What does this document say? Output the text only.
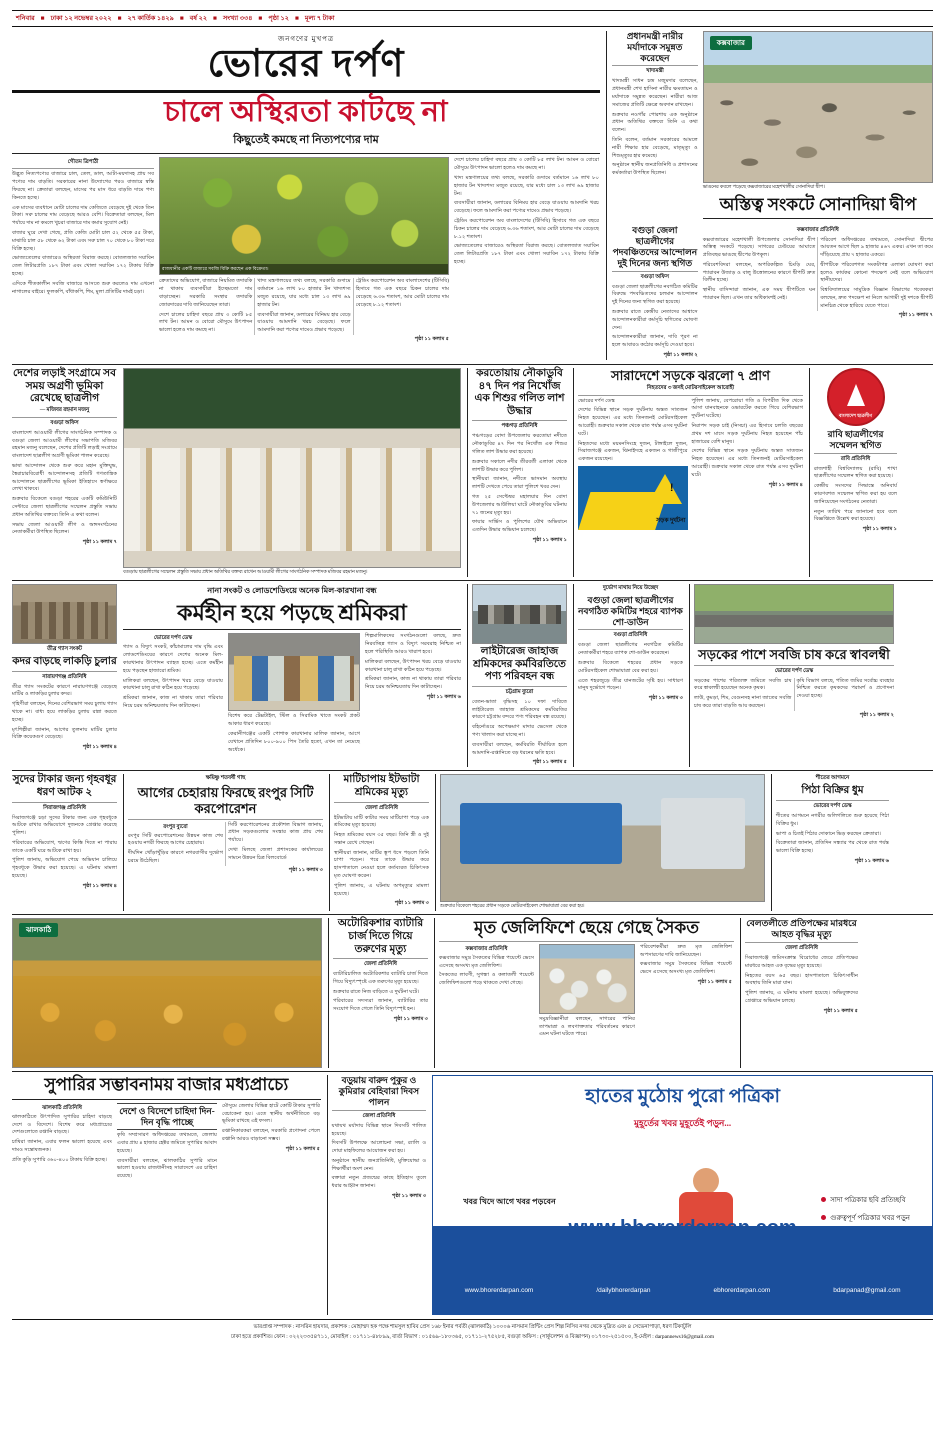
শনিবার ■ ঢাকা ১২ নভেম্বর ২০২২ ■ ২৭ কার্তিক ১৪২৯ ■ বর্ষ ২২ ■ সংখ্যা ৩৩৪ ■ পৃষ্ঠা ১২ ■ মূল্য ৭ টাকা
জনগণের মুখপত্র
ভোরের দর্পণ
চালে অস্থিরতা কাটছে না
কিছুতেই কমছে না নিত্যপণ্যের দাম
গৌতম ত্রিপাঠী

উদ্ভূত নিত্যপণ্যের বাজারে চাল, তেল, ডাল, আটা-ময়দাসহ প্রায় সব পণ্যের দাম বাড়তি। সরকারের নানা উদ্যোগের পরও বাজারে স্বস্তি ফিরছে না। ক্রেতারা বলছেন, মাসের পর মাস ধরে বাড়তি দামে পণ্য কিনতে হচ্ছে।

এক মাসের ব্যবধানে মোটা চালের দাম কেজিতে বেড়েছে দুই থেকে তিন টাকা। সরু চালের দাম বেড়েছে আরও বেশি। বিক্রেতারা বলছেন, মিল পর্যায়ে দাম না কমলে খুচরা বাজারে দাম কমার সুযোগ নেই।

বাজার ঘুরে দেখা গেছে, প্রতি কেজি মোটা চাল ৫২ থেকে ৫৫ টাকা, মাঝারি চাল ৫৮ থেকে ৬২ টাকা এবং সরু চাল ৭০ থেকে ৮০ টাকা দরে বিক্রি হচ্ছে।

ভোজ্যতেলের বাজারেও অস্থিরতা বিরাজ করছে। বোতলজাত সয়াবিন তেল লিটারপ্রতি ১৮৭ টাকা এবং খোলা সয়াবিন ১৭২ টাকায় বিক্রি হচ্ছে।

এদিকে শীতকালীন সবজি বাজারে আসতে শুরু করলেও দাম এখনো নাগালের বাইরে। ফুলকপি, বাঁধাকপি, শিম, মুলা প্রতিটির দামই চড়া।

রাজধানীর একটি বাজারে সবজি বিক্রি করছেন এক বিক্রেতা।

ক্রেতাদের অভিযোগ, বাজারে নিয়মিত তদারকি না থাকায় ব্যবসায়ীরা ইচ্ছেমতো দাম বাড়াচ্ছেন। সরকারি সংস্থার তদারকি জোরদারের দাবি জানিয়েছেন তারা।

দেশে চালের চাহিদা বছরে প্রায় ৩ কোটি ৮৫ লাখ টন। আমন ও বোরো মৌসুমে উৎপাদন ভালো হলেও দাম কমছে না।

খাদ্য মন্ত্রণালয়ের তথ্য বলছে, সরকারি গুদামে বর্তমানে ১৬ লাখ ৮০ হাজার টন খাদ্যশস্য মজুত রয়েছে, যার মধ্যে চাল ১৩ লাখ ৬৯ হাজার টন।

ব্যবসায়ীরা জানান, ডলারের বিনিময় হার বেড়ে যাওয়ায় আমদানি খরচ বেড়েছে। ফলে আমদানি করা পণ্যের দামেও প্রভাব পড়েছে।

ট্রেডিং করপোরেশন অব বাংলাদেশের (টিসিবি) হিসাবে গত এক বছরে চিকন চালের দাম বেড়েছে ৬.৩৬ শতাংশ, আর মোটা চালের দাম বেড়েছে ৮.১২ শতাংশ।

পৃষ্ঠা ১১ কলাম ৫

দেশে চালের চাহিদা বছরে প্রায় ৩ কোটি ৮৫ লাখ টন। আমন ও বোরো মৌসুমে উৎপাদন ভালো হলেও দাম কমছে না।

খাদ্য মন্ত্রণালয়ের তথ্য বলছে, সরকারি গুদামে বর্তমানে ১৬ লাখ ৮০ হাজার টন খাদ্যশস্য মজুত রয়েছে, যার মধ্যে চাল ১৩ লাখ ৬৯ হাজার টন।

ব্যবসায়ীরা জানান, ডলারের বিনিময় হার বেড়ে যাওয়ায় আমদানি খরচ বেড়েছে। ফলে আমদানি করা পণ্যের দামেও প্রভাব পড়েছে।

ট্রেডিং করপোরেশন অব বাংলাদেশের (টিসিবি) হিসাবে গত এক বছরে চিকন চালের দাম বেড়েছে ৬.৩৬ শতাংশ, আর মোটা চালের দাম বেড়েছে ৮.১২ শতাংশ।

ভোজ্যতেলের বাজারেও অস্থিরতা বিরাজ করছে। বোতলজাত সয়াবিন তেল লিটারপ্রতি ১৮৭ টাকা এবং খোলা সয়াবিন ১৭২ টাকায় বিক্রি হচ্ছে।

প্রধানমন্ত্রী নারীর মর্যাদাকে সমুন্নত করেছেন
খাদ্যমন্ত্রী

খাদ্যমন্ত্রী সাধন চন্দ্র মজুমদার বলেছেন, প্রধানমন্ত্রী শেখ হাসিনা নারীর ক্ষমতায়ন ও মর্যাদাকে সমুন্নত করেছেন। নারীরা আজ সমাজের প্রতিটি ক্ষেত্রে অবদান রাখছেন।

শুক্রবার নওগাঁর পোরশায় এক অনুষ্ঠানে প্রধান অতিথির বক্তব্যে তিনি এ কথা বলেন।

তিনি বলেন, বর্তমান সরকারের আমলে নারী শিক্ষার হার বেড়েছে, মাতৃমৃত্যু ও শিশুমৃত্যুর হার কমেছে।

অনুষ্ঠানে স্থানীয় জনপ্রতিনিধি ও প্রশাসনের কর্মকর্তারা উপস্থিত ছিলেন।

কক্সবাজার
ভাঙনের কবলে পড়েছে কক্সবাজারের মহেশখালীর সোনাদিয়া দ্বীপ।
অস্তিত্ব সংকটে সোনাদিয়া দ্বীপ
বগুড়া জেলা ছাত্রলীগের পদবঞ্চিতদের আন্দোলন দুই দিনের জন্য স্থগিত
বগুড়া অফিস

বগুড়া জেলা ছাত্রলীগের নবগঠিত কমিটির বিরুদ্ধে পদবঞ্চিতদের চলমান আন্দোলন দুই দিনের জন্য স্থগিত করা হয়েছে।

শুক্রবার রাতে কেন্দ্রীয় নেতাদের আশ্বাসে আন্দোলনকারীরা কর্মসূচি স্থগিতের ঘোষণা দেন।

আন্দোলনকারীরা জানান, দাবি পূরণ না হলে আবারও কঠোর কর্মসূচি দেওয়া হবে।

পৃষ্ঠা ১১ কলাম ২
কক্সবাজার প্রতিনিধি

কক্সবাজারের মহেশখালী উপজেলার সোনাদিয়া দ্বীপ অস্তিত্ব সংকটে পড়েছে। সাগরের ঢেউয়ের আঘাতে প্রতিবছর ভাঙছে দ্বীপের উপকূল।

পরিবেশবিদরা বলছেন, অপরিকল্পিত চিংড়ি ঘের, প্যারাবন উজাড় ও বালু উত্তোলনের কারণে দ্বীপটি দ্রুত বিলীন হচ্ছে।

স্থানীয় বাসিন্দারা জানান, এক সময় দ্বীপটিতে ঘন প্যারাবন ছিল। এখন তার অধিকাংশই নেই।

পরিবেশ অধিদপ্তরের তথ্যমতে, সোনাদিয়া দ্বীপের আয়তন আগে ছিল ৯ হাজার ৪৬৭ একর। এখন তা কমে দাঁড়িয়েছে প্রায় ৭ হাজার একরে।

দ্বীপটিকে পরিবেশগত সংকটাপন্ন এলাকা ঘোষণা করা হলেও কার্যকর কোনো পদক্ষেপ নেই বলে অভিযোগ স্থানীয়দের।

বিশ্ববিদ্যালয়ের সামুদ্রিক বিজ্ঞান বিভাগের গবেষকরা বলছেন, দ্রুত পদক্ষেপ না নিলে আগামী দুই দশকে দ্বীপটি মানচিত্র থেকে হারিয়ে যেতে পারে।

পৃষ্ঠা ১১ কলাম ৭
দেশের লড়াই সংগ্রামে সব সময় অগ্রণী ভূমিকা রেখেছে ছাত্রলীগ
— মজিবর রহমান মজনু
বগুড়া অফিস

বাংলাদেশ আওয়ামী লীগের সাংগঠনিক সম্পাদক ও বগুড়া জেলা আওয়ামী লীগের সভাপতি মজিবর রহমান মজনু বলেছেন, দেশের প্রতিটি লড়াই সংগ্রামে বাংলাদেশ ছাত্রলীগ অগ্রণী ভূমিকা পালন করেছে।

ভাষা আন্দোলন থেকে শুরু করে মহান মুক্তিযুদ্ধ, স্বৈরাচারবিরোধী আন্দোলনসহ প্রতিটি গণতান্ত্রিক আন্দোলনে ছাত্রলীগের ভূমিকা ইতিহাসে স্বর্ণাক্ষরে লেখা থাকবে।

শুক্রবার বিকেলে বগুড়া শহরের একটি কমিউনিটি সেন্টারে জেলা ছাত্রলীগের সম্মেলন প্রস্তুতি সভায় প্রধান অতিথির বক্তব্যে তিনি এ কথা বলেন।

সভায় জেলা আওয়ামী লীগ ও অঙ্গসংগঠনের নেতাকর্মীরা উপস্থিত ছিলেন।

পৃষ্ঠা ১১ কলাম ৭
বগুড়ায় ছাত্রলীগের সম্মেলন প্রস্তুতি সভায় প্রধান অতিথির বক্তব্য রাখেন আওয়ামী লীগের সাংগঠনিক সম্পাদক মজিবর রহমান মজনু।
করতোয়ায় নৌকাডুবি ৪৭ দিন পর নিখোঁজ এক শিশুর গলিত লাশ উদ্ধার
পঞ্চগড় প্রতিনিধি

পঞ্চগড়ের বোদা উপজেলায় করতোয়া নদীতে নৌকাডুবির ৪৭ দিন পর নিখোঁজ এক শিশুর গলিত লাশ উদ্ধার করা হয়েছে।

শুক্রবার সকালে নদীর তীরবর্তী এলাকা থেকে লাশটি উদ্ধার করে পুলিশ।

স্থানীয়রা জানান, নদীতে ভাসমান অবস্থায় লাশটি দেখতে পেয়ে তারা পুলিশে খবর দেন।

গত ২৫ সেপ্টেম্বর মহালয়ার দিন বোদা উপজেলার আউলিয়া ঘাটে নৌকাডুবির ঘটনায় ৭১ জনের মৃত্যু হয়।

ফায়ার সার্ভিস ও পুলিশের যৌথ অভিযানে এতদিন উদ্ধার অভিযান চলেছে।

পৃষ্ঠা ১১ কলাম ১
সারাদেশে সড়কে ঝরলো ৭ প্রাণ
নিহতদের ৩ জনই মোটরসাইকেল আরোহী

ভোরের দর্পণ ডেস্ক

দেশের বিভিন্ন স্থানে সড়ক দুর্ঘটনায় অন্তত সাতজন নিহত হয়েছেন। এর মধ্যে তিনজনই মোটরসাইকেল আরোহী। শুক্রবার সকাল থেকে রাত পর্যন্ত এসব দুর্ঘটনা ঘটে।

নিহতদের মধ্যে ময়মনসিংহে দুজন, টাঙ্গাইলে দুজন, সিরাজগঞ্জে একজন, ঝিনাইদহে একজন ও গাজীপুরে একজন রয়েছেন।

!
সড়ক দুর্ঘটনা

পুলিশ জানায়, বেপরোয়া গতি ও বিপরীত দিক থেকে আসা যানবাহনকে ওভারটেক করতে গিয়ে বেশিরভাগ দুর্ঘটনা ঘটেছে।

নিরাপদ সড়ক চাই (নিসচা) এর হিসাবে চলতি বছরের প্রথম দশ মাসে সড়ক দুর্ঘটনায় নিহত হয়েছেন পাঁচ হাজারের বেশি মানুষ।

দেশের বিভিন্ন স্থানে সড়ক দুর্ঘটনায় অন্তত সাতজন নিহত হয়েছেন। এর মধ্যে তিনজনই মোটরসাইকেল আরোহী। শুক্রবার সকাল থেকে রাত পর্যন্ত এসব দুর্ঘটনা ঘটে।

পৃষ্ঠা ১১ কলাম ৪
বাংলাদেশ ছাত্রলীগ
রাবি ছাত্রলীগের সম্মেলন স্থগিত
রাবি প্রতিনিধি

রাজশাহী বিশ্ববিদ্যালয় (রাবি) শাখা ছাত্রলীগের সম্মেলন স্থগিত করা হয়েছে।

কেন্দ্রীয় সংসদের সিদ্ধান্তে অনিবার্য কারণবশত সম্মেলন স্থগিত করা হয় বলে জানিয়েছেন সংগঠনের নেতারা।

নতুন তারিখ পরে জানানো হবে বলে বিজ্ঞপ্তিতে উল্লেখ করা হয়েছে।

পৃষ্ঠা ১১ কলাম ১
তীব্র গ্যাস সংকট
কদর বাড়ছে লাকড়ি চুলার
নারায়ণগঞ্জ প্রতিনিধি

তীব্র গ্যাস সংকটের কারণে নারায়ণগঞ্জে বেড়েছে মাটির ও লাকড়ির চুলার কদর।

গৃহিণীরা বলছেন, দিনের বেশিরভাগ সময় চুলায় গ্যাস থাকে না। বাধ্য হয়ে লাকড়ির চুলায় রান্না করতে হচ্ছে।

মৃৎশিল্পীরা জানান, আগের তুলনায় মাটির চুলার বিক্রি কয়েকগুণ বেড়েছে।

পৃষ্ঠা ১১ কলাম ৪
নানা সংকট ও লোডশেডিংয়ে অনেক মিল-কারখানা বন্ধ
কর্মহীন হয়ে পড়ছে শ্রমিকরা
ভোরের দর্পণ ডেস্ক

গ্যাস ও বিদ্যুৎ সংকট, কাঁচামালের দাম বৃদ্ধি এবং লোডশেডিংয়ের কারণে দেশের অনেক মিল-কারখানার উৎপাদন ব্যাহত হচ্ছে। এতে কর্মহীন হয়ে পড়ছেন হাজারো শ্রমিক।

মালিকরা বলছেন, উৎপাদন খরচ বেড়ে যাওয়ায় কারখানা চালু রাখা কঠিন হয়ে পড়েছে।

শ্রমিকরা জানান, কাজ না থাকায় তারা পরিবার নিয়ে চরম অনিশ্চয়তায় দিন কাটাচ্ছেন।

বিশেষ করে টেক্সটাইল, স্টিল ও সিরামিক খাতে সংকট প্রকট আকার ধারণ করেছে।

কেরানীগঞ্জের একটি পোশাক কারখানার মালিক জানান, আগে যেখানে প্রতিদিন ৮০০-৯০০ পিস তৈরি হতো, এখন তা নেমেছে অর্ধেকে।

শিল্পমালিকদের সংগঠনগুলো বলছে, দ্রুত নিরবচ্ছিন্ন গ্যাস ও বিদ্যুৎ সরবরাহ নিশ্চিত না হলে পরিস্থিতি আরও খারাপ হবে।

মালিকরা বলছেন, উৎপাদন খরচ বেড়ে যাওয়ায় কারখানা চালু রাখা কঠিন হয়ে পড়েছে।

শ্রমিকরা জানান, কাজ না থাকায় তারা পরিবার নিয়ে চরম অনিশ্চয়তায় দিন কাটাচ্ছেন।

পৃষ্ঠা ১১ কলাম ৬
লাইটারেজ জাহাজ শ্রমিকদের কর্মবিরতিতে পণ্য পরিবহন বন্ধ
চট্টগ্রাম ব্যুরো

বেতন-ভাতা বৃদ্ধিসহ ১০ দফা দাবিতে লাইটারেজ জাহাজ শ্রমিকদের কর্মবিরতির কারণে চট্টগ্রাম বন্দরে পণ্য পরিবহন বন্ধ রয়েছে।

বহির্নোঙরে অপেক্ষমাণ মাদার ভেসেল থেকে পণ্য খালাস করা যাচ্ছে না।

ব্যবসায়ীরা বলছেন, কর্মবিরতি দীর্ঘায়িত হলে আমদানি-রপ্তানিতে বড় ধরনের ক্ষতি হবে।

পৃষ্ঠা ১১ কলাম ৫
দুর্ভোগ মাথায় নিয়ে উচ্ছেদ
বগুড়া জেলা ছাত্রলীগের নবগঠিত কমিটির শহরে ব্যাপক শো-ডাউন
বগুড়া প্রতিনিধি

বগুড়া জেলা ছাত্রলীগের নবগঠিত কমিটির নেতাকর্মীরা শহরে ব্যাপক শো-ডাউন করেছেন।

শুক্রবার বিকেলে শহরের প্রধান সড়কে মোটরসাইকেল শোভাযাত্রা বের করা হয়।

এতে শহরজুড়ে তীব্র যানজটের সৃষ্টি হয়। সাধারণ মানুষ দুর্ভোগে পড়েন।

পৃষ্ঠা ১১ কলাম ৩
সড়কের পাশে সবজি চাষ করে স্বাবলম্বী
ভোরের দর্পণ ডেস্ক

সড়কের পাশের পরিত্যক্ত জমিতে সবজি চাষ করে স্বাবলম্বী হয়েছেন অনেক কৃষক।

লাউ, কুমড়া, শিম, বেগুনসহ নানা জাতের সবজি চাষ করে তারা বাড়তি আয় করছেন।

কৃষি বিভাগ বলছে, পতিত জমির সর্বোচ্চ ব্যবহার নিশ্চিত করতে কৃষকদের পরামর্শ ও প্রণোদনা দেওয়া হচ্ছে।

পৃষ্ঠা ১১ কলাম ২
সুদের টাকার জন্য গৃহবধূর ধরণ আটক ২
সিরাজগঞ্জ প্রতিনিধি

সিরাজগঞ্জে চড়া সুদের টাকার জন্য এক গৃহবধূকে আটকে রাখার অভিযোগে দুজনকে গ্রেপ্তার করেছে পুলিশ।

পরিবারের অভিযোগ, ঋণের কিস্তি দিতে না পারায় তাকে একটি ঘরে আটকে রাখা হয়।

পুলিশ জানায়, অভিযোগ পেয়ে অভিযান চালিয়ে গৃহবধূকে উদ্ধার করা হয়েছে। এ ঘটনায় মামলা হয়েছে।

পৃষ্ঠা ১১ কলাম ৪
ক্ষয়িষ্ণু শতবর্ষী গাছ
আগের চেহারায় ফিরছে রংপুর সিটি করপোরেশন
রংপুর ব্যুরো

রংপুর সিটি করপোরেশনের উন্নয়ন কাজ শেষ হওয়ায় নগরী ফিরছে আগের চেহারায়।

দীর্ঘদিন খোঁড়াখুঁড়ির কারণে নগরবাসীর দুর্ভোগ চরমে উঠেছিল।

সিটি করপোরেশনের প্রকৌশল বিভাগ জানায়, প্রধান সড়কগুলোর সংস্কার কাজ প্রায় শেষ পর্যায়ে।

দেখা মিলছে জেলা প্রশাসকের কার্যালয়ের সামনে উন্নয়ন চিত্র বিলবোর্ডে

পৃষ্ঠা ১১ কলাম ৩
মাটিচাপায় ইটভাটা শ্রমিকের মৃত্যু
জেলা প্রতিনিধি

ইটভাটায় মাটি কাটার সময় মাটিচাপা পড়ে এক শ্রমিকের মৃত্যু হয়েছে।

নিহত শ্রমিকের বয়স ৩৫ বছর। তিনি স্ত্রী ও দুই সন্তান রেখে গেছেন।

স্থানীয়রা জানান, মাটির স্তূপ ধসে পড়লে তিনি চাপা পড়েন। পরে তাকে উদ্ধার করে হাসপাতালে নেওয়া হলে কর্তব্যরত চিকিৎসক মৃত ঘোষণা করেন।

পুলিশ জানায়, এ ঘটনায় অপমৃত্যুর মামলা হয়েছে।

পৃষ্ঠা ১১ কলাম ৩
শুক্রবার বিকেলে শহরের প্রধান সড়কে মোটরসাইকেল শোভাযাত্রা বের করা হয়।
শীতের আগমনে
পিঠা বিক্রির ধুম
ভোরের দর্পণ ডেস্ক

শীতের আগমনে নগরীর অলিগলিতে শুরু হয়েছে পিঠা বিক্রির ধুম।

ভাপা ও চিতই পিঠার দোকানে ভিড় করছেন ক্রেতারা।

বিক্রেতারা জানান, প্রতিদিন সন্ধ্যার পর থেকে রাত পর্যন্ত ভালো বিক্রি হচ্ছে।

পৃষ্ঠা ১১ কলাম ৬
ঝালকাঠি
অটোরিকশার ব্যাটারি চার্জ দিতে গিয়ে তরুণের মৃত্যু
জেলা প্রতিনিধি

ব্যাটারিচালিত অটোরিকশার ব্যাটারি চার্জ দিতে গিয়ে বিদ্যুৎস্পৃষ্টে এক তরুণের মৃত্যু হয়েছে।

শুক্রবার রাতে নিজ বাড়িতে এ দুর্ঘটনা ঘটে।

পরিবারের সদস্যরা জানান, ব্যাটারির তার সংযোগ দিতে গেলে তিনি বিদ্যুৎস্পৃষ্ট হন।

পৃষ্ঠা ১১ কলাম ৩
মৃত জেলিফিশে ছেয়ে গেছে সৈকত
কক্সবাজার প্রতিনিধি

কক্সবাজার সমুদ্র সৈকতের বিভিন্ন পয়েন্টে ভেসে এসেছে অসংখ্য মৃত জেলিফিশ।

সৈকতের লাবণী, সুগন্ধা ও কলাতলী পয়েন্টে জেলিফিশগুলো পড়ে থাকতে দেখা গেছে।

সমুদ্রবিজ্ঞানীরা বলছেন, সাগরের পানির তাপমাত্রা ও লবণাক্ততার পরিবর্তনের কারণে এমন ঘটনা ঘটতে পারে।

পরিবেশকর্মীরা দ্রুত মৃত জেলিফিশ অপসারণের দাবি জানিয়েছেন।

কক্সবাজার সমুদ্র সৈকতের বিভিন্ন পয়েন্টে ভেসে এসেছে অসংখ্য মৃত জেলিফিশ।

পৃষ্ঠা ১১ কলাম ৫
বেলতলীতে প্রতিপক্ষের মারধরে আহত বৃদ্ধির মৃত্যু
জেলা প্রতিনিধি

সিরাজগঞ্জে জমিসংক্রান্ত বিরোধের জেরে প্রতিপক্ষের মারধরে আহত এক বৃদ্ধের মৃত্যু হয়েছে।

নিহতের বয়স ৬৫ বছর। হাসপাতালে চিকিৎসাধীন অবস্থায় তিনি মারা যান।

পুলিশ জানায়, এ ঘটনায় মামলা হয়েছে। অভিযুক্তদের গ্রেপ্তারে অভিযান চলছে।

পৃষ্ঠা ১১ কলাম ৫
সুপারির সম্ভাবনাময় বাজার মধ্যপ্রাচ্যে
ঝালকাঠি প্রতিনিধি

ঝালকাঠিতে উৎপাদিত সুপারির চাহিদা বাড়ছে দেশে ও বিদেশে। বিশেষ করে মধ্যপ্রাচ্যের দেশগুলোতে রপ্তানি বাড়ছে।

চাষিরা জানান, এবার ফলন ভালো হয়েছে এবং দামও সন্তোষজনক।

প্রতি কুড়ি সুপারি ৩৬০-৪০০ টাকায় বিক্রি হচ্ছে।

দেশে ও বিদেশে চাহিদা দিন-দিন বৃদ্ধি পাচ্ছে

কৃষি সম্প্রসারণ অধিদপ্তরের তথ্যমতে, জেলায় এবার প্রায় ৪ হাজার হেক্টর জমিতে সুপারির আবাদ হয়েছে।

ব্যবসায়ীরা বলছেন, ঝালকাঠির সুপারি মানে ভালো হওয়ায় রাজধানীসহ সারাদেশে এর চাহিদা রয়েছে।

মৌসুমে জেলার বিভিন্ন হাটে কোটি টাকার সুপারি বেচাকেনা হয়। এতে স্থানীয় অর্থনীতিতে বড় ভূমিকা রাখছে এই ফসল।

রপ্তানিকারকরা বলছেন, সরকারি প্রণোদনা পেলে রপ্তানি আরও বাড়ানো সম্ভব।

পৃষ্ঠা ১১ কলাম ৫
বড়ুয়ায় বারুদ পুকুর ও কুমিরার বেহিবারা দিবস পালন
জেলা প্রতিনিধি

যথাযথ মর্যাদায় বিভিন্ন স্থানে দিবসটি পালিত হয়েছে।

দিবসটি উপলক্ষে আলোচনা সভা, র‍্যালি ও দোয়া মাহফিলের আয়োজন করা হয়।

অনুষ্ঠানে স্থানীয় জনপ্রতিনিধি, মুক্তিযোদ্ধা ও শিক্ষার্থীরা অংশ নেন।

বক্তারা নতুন প্রজন্মের কাছে ইতিহাস তুলে ধরার আহ্বান জানান।

পৃষ্ঠা ১১ কলাম ৩
হাতের মুঠোয় পুরো পত্রিকা
মুহূর্তের খবর মুহূর্তেই পড়ুন...
খবর খিদে আগে খবর পড়বেন	সাদা পত্রিকার ছবি প্রতিচ্ছবি
গুরুত্বপূর্ণ পত্রিকার খবর পড়ুন
www.bhorerdarpan.com	/dailybhorerdarpan	ebhorerdarpan.com	bdarpanad@gmail.com
ভারপ্রাপ্ত সম্পাদক : নাসরিন হায়দার, প্রকাশক : মোহাম্মদ হক পক্ষে শামসুল হাবিব প্রেস ১৬৮ ইনার পর্বতী (ঝালকাঠি) ১০০০৬ নাসমান প্রিন্টিং প্রেস শিল্প নিসিব নগর থেকে মুদ্রিত এবং ৪ সেভেনাপাড়া, ধরণ টিকাটুলি
ঢাকা হতে প্রকাশিত। ফোন : ০২২২৩৩৫৪৭১১, মোবাইল : ০১৭১১-৪৮৮৯৯, বার্তা বিভাগ : ০১৫৬৯-১৮০৩৬৫, ০১৭১১-২৭৫২৮৫, বগুড়া অফিস : (সার্কুলেশন ও বিজ্ঞাপন) ০১৭৩০-২৫১৫০০, ই-মেইল : darpannews16@gmail.com
